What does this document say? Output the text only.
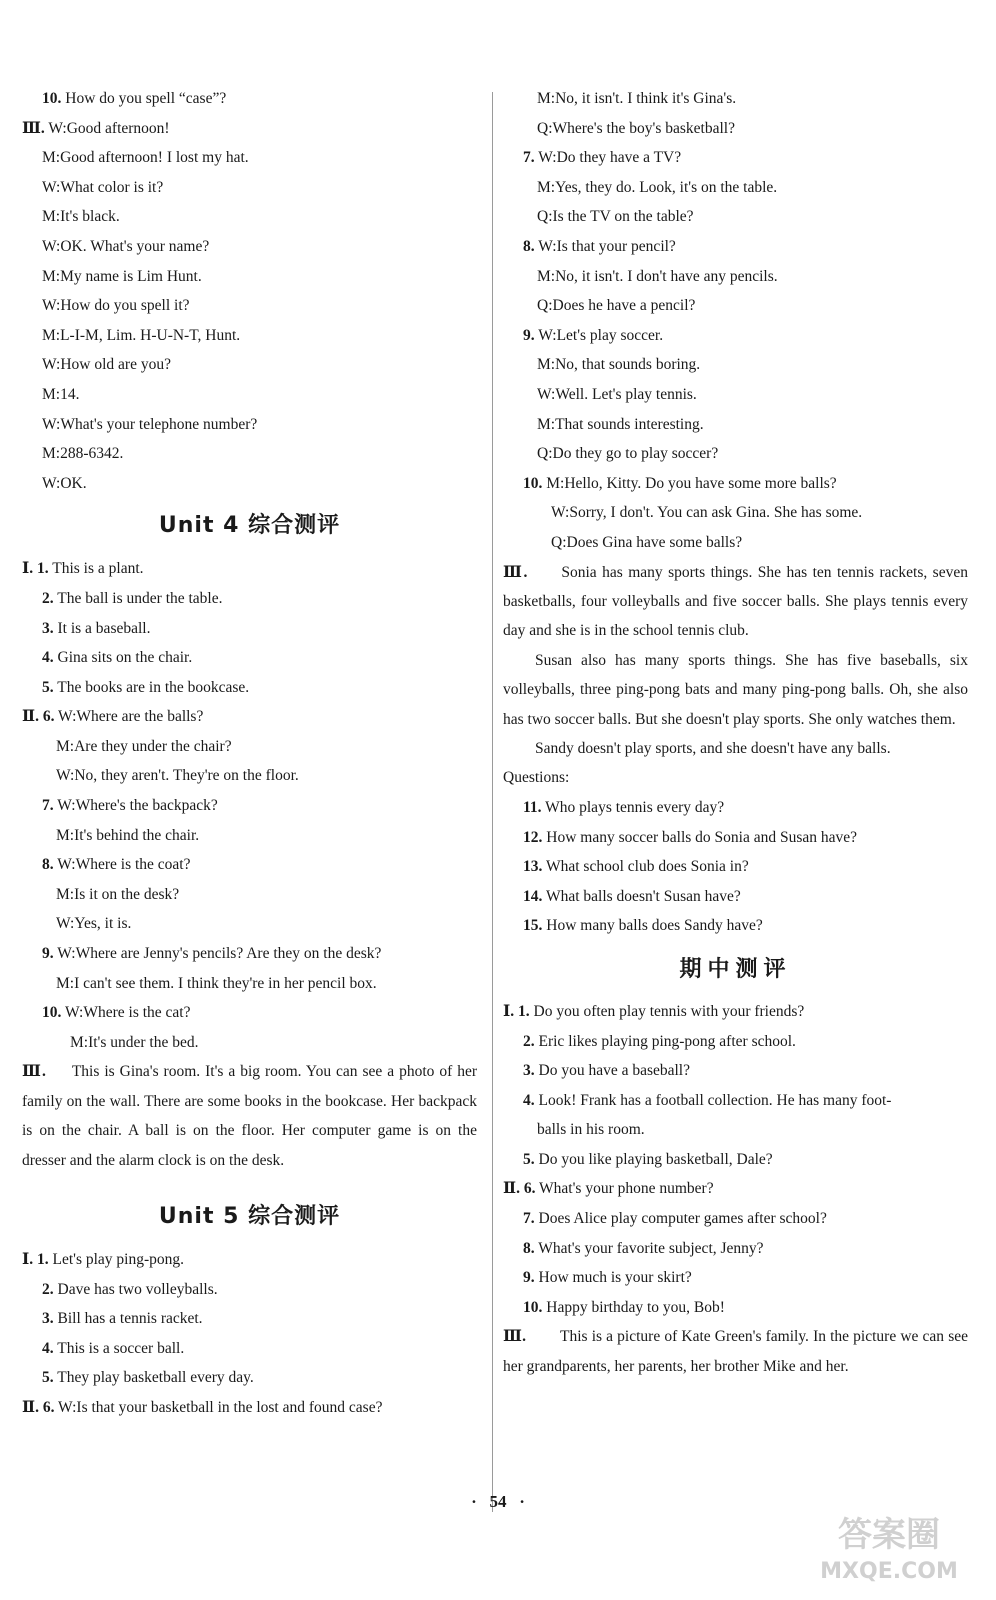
10. How do you spell “case”?
Ⅲ. W:Good afternoon!
M:Good afternoon! I lost my hat.
W:What color is it?
M:It's black.
W:OK. What's your name?
M:My name is Lim Hunt.
W:How do you spell it?
M:L-I-M, Lim. H-U-N-T, Hunt.
W:How old are you?
M:14.
W:What's your telephone number?
M:288-6342.
W:OK.
Unit 4 综合测评
Ⅰ. 1. This is a plant.
2. The ball is under the table.
3. It is a baseball.
4. Gina sits on the chair.
5. The books are in the bookcase.
Ⅱ. 6. W:Where are the balls?
M:Are they under the chair?
W:No, they aren't. They're on the floor.
7. W:Where's the backpack?
M:It's behind the chair.
8. W:Where is the coat?
M:Is it on the desk?
W:Yes, it is.
9. W:Where are Jenny's pencils? Are they on the desk?
M:I can't see them. I think they're in her pencil box.
10. W:Where is the cat?
M:It's under the bed.
Ⅲ. This is Gina's room. It's a big room. You can see a photo of her family on the wall. There are some books in the bookcase. Her backpack is on the chair. A ball is on the floor. Her computer game is on the dresser and the alarm clock is on the desk.
Unit 5 综合测评
Ⅰ. 1. Let's play ping-pong.
2. Dave has two volleyballs.
3. Bill has a tennis racket.
4. This is a soccer ball.
5. They play basketball every day.
Ⅱ. 6. W:Is that your basketball in the lost and found case?
M:No, it isn't. I think it's Gina's.
Q:Where's the boy's basketball?
7. W:Do they have a TV?
M:Yes, they do. Look, it's on the table.
Q:Is the TV on the table?
8. W:Is that your pencil?
M:No, it isn't. I don't have any pencils.
Q:Does he have a pencil?
9. W:Let's play soccer.
M:No, that sounds boring.
W:Well. Let's play tennis.
M:That sounds interesting.
Q:Do they go to play soccer?
10. M:Hello, Kitty. Do you have some more balls?
W:Sorry, I don't. You can ask Gina. She has some.
Q:Does Gina have some balls?
Ⅲ. Sonia has many sports things. She has ten tennis rackets, seven basketballs, four volleyballs and five soccer balls. She plays tennis every day and she is in the school tennis club.
Susan also has many sports things. She has five baseballs, six volleyballs, three ping-pong bats and many ping-pong balls. Oh, she also has two soccer balls. But she doesn't play sports. She only watches them.
Sandy doesn't play sports, and she doesn't have any balls.
Questions:
11. Who plays tennis every day?
12. How many soccer balls do Sonia and Susan have?
13. What school club does Sonia in?
14. What balls doesn't Susan have?
15. How many balls does Sandy have?
期中测评
Ⅰ. 1. Do you often play tennis with your friends?
2. Eric likes playing ping-pong after school.
3. Do you have a baseball?
4. Look! Frank has a football collection. He has many foot-
balls in his room.
5. Do you like playing basketball, Dale?
Ⅱ. 6. What's your phone number?
7. Does Alice play computer games after school?
8. What's your favorite subject, Jenny?
9. How much is your skirt?
10. Happy birthday to you, Bob!
Ⅲ. This is a picture of Kate Green's family. In the picture we can see her grandparents, her parents, her brother Mike and her.
·   54   ·
答案圈
MXQE.COM
